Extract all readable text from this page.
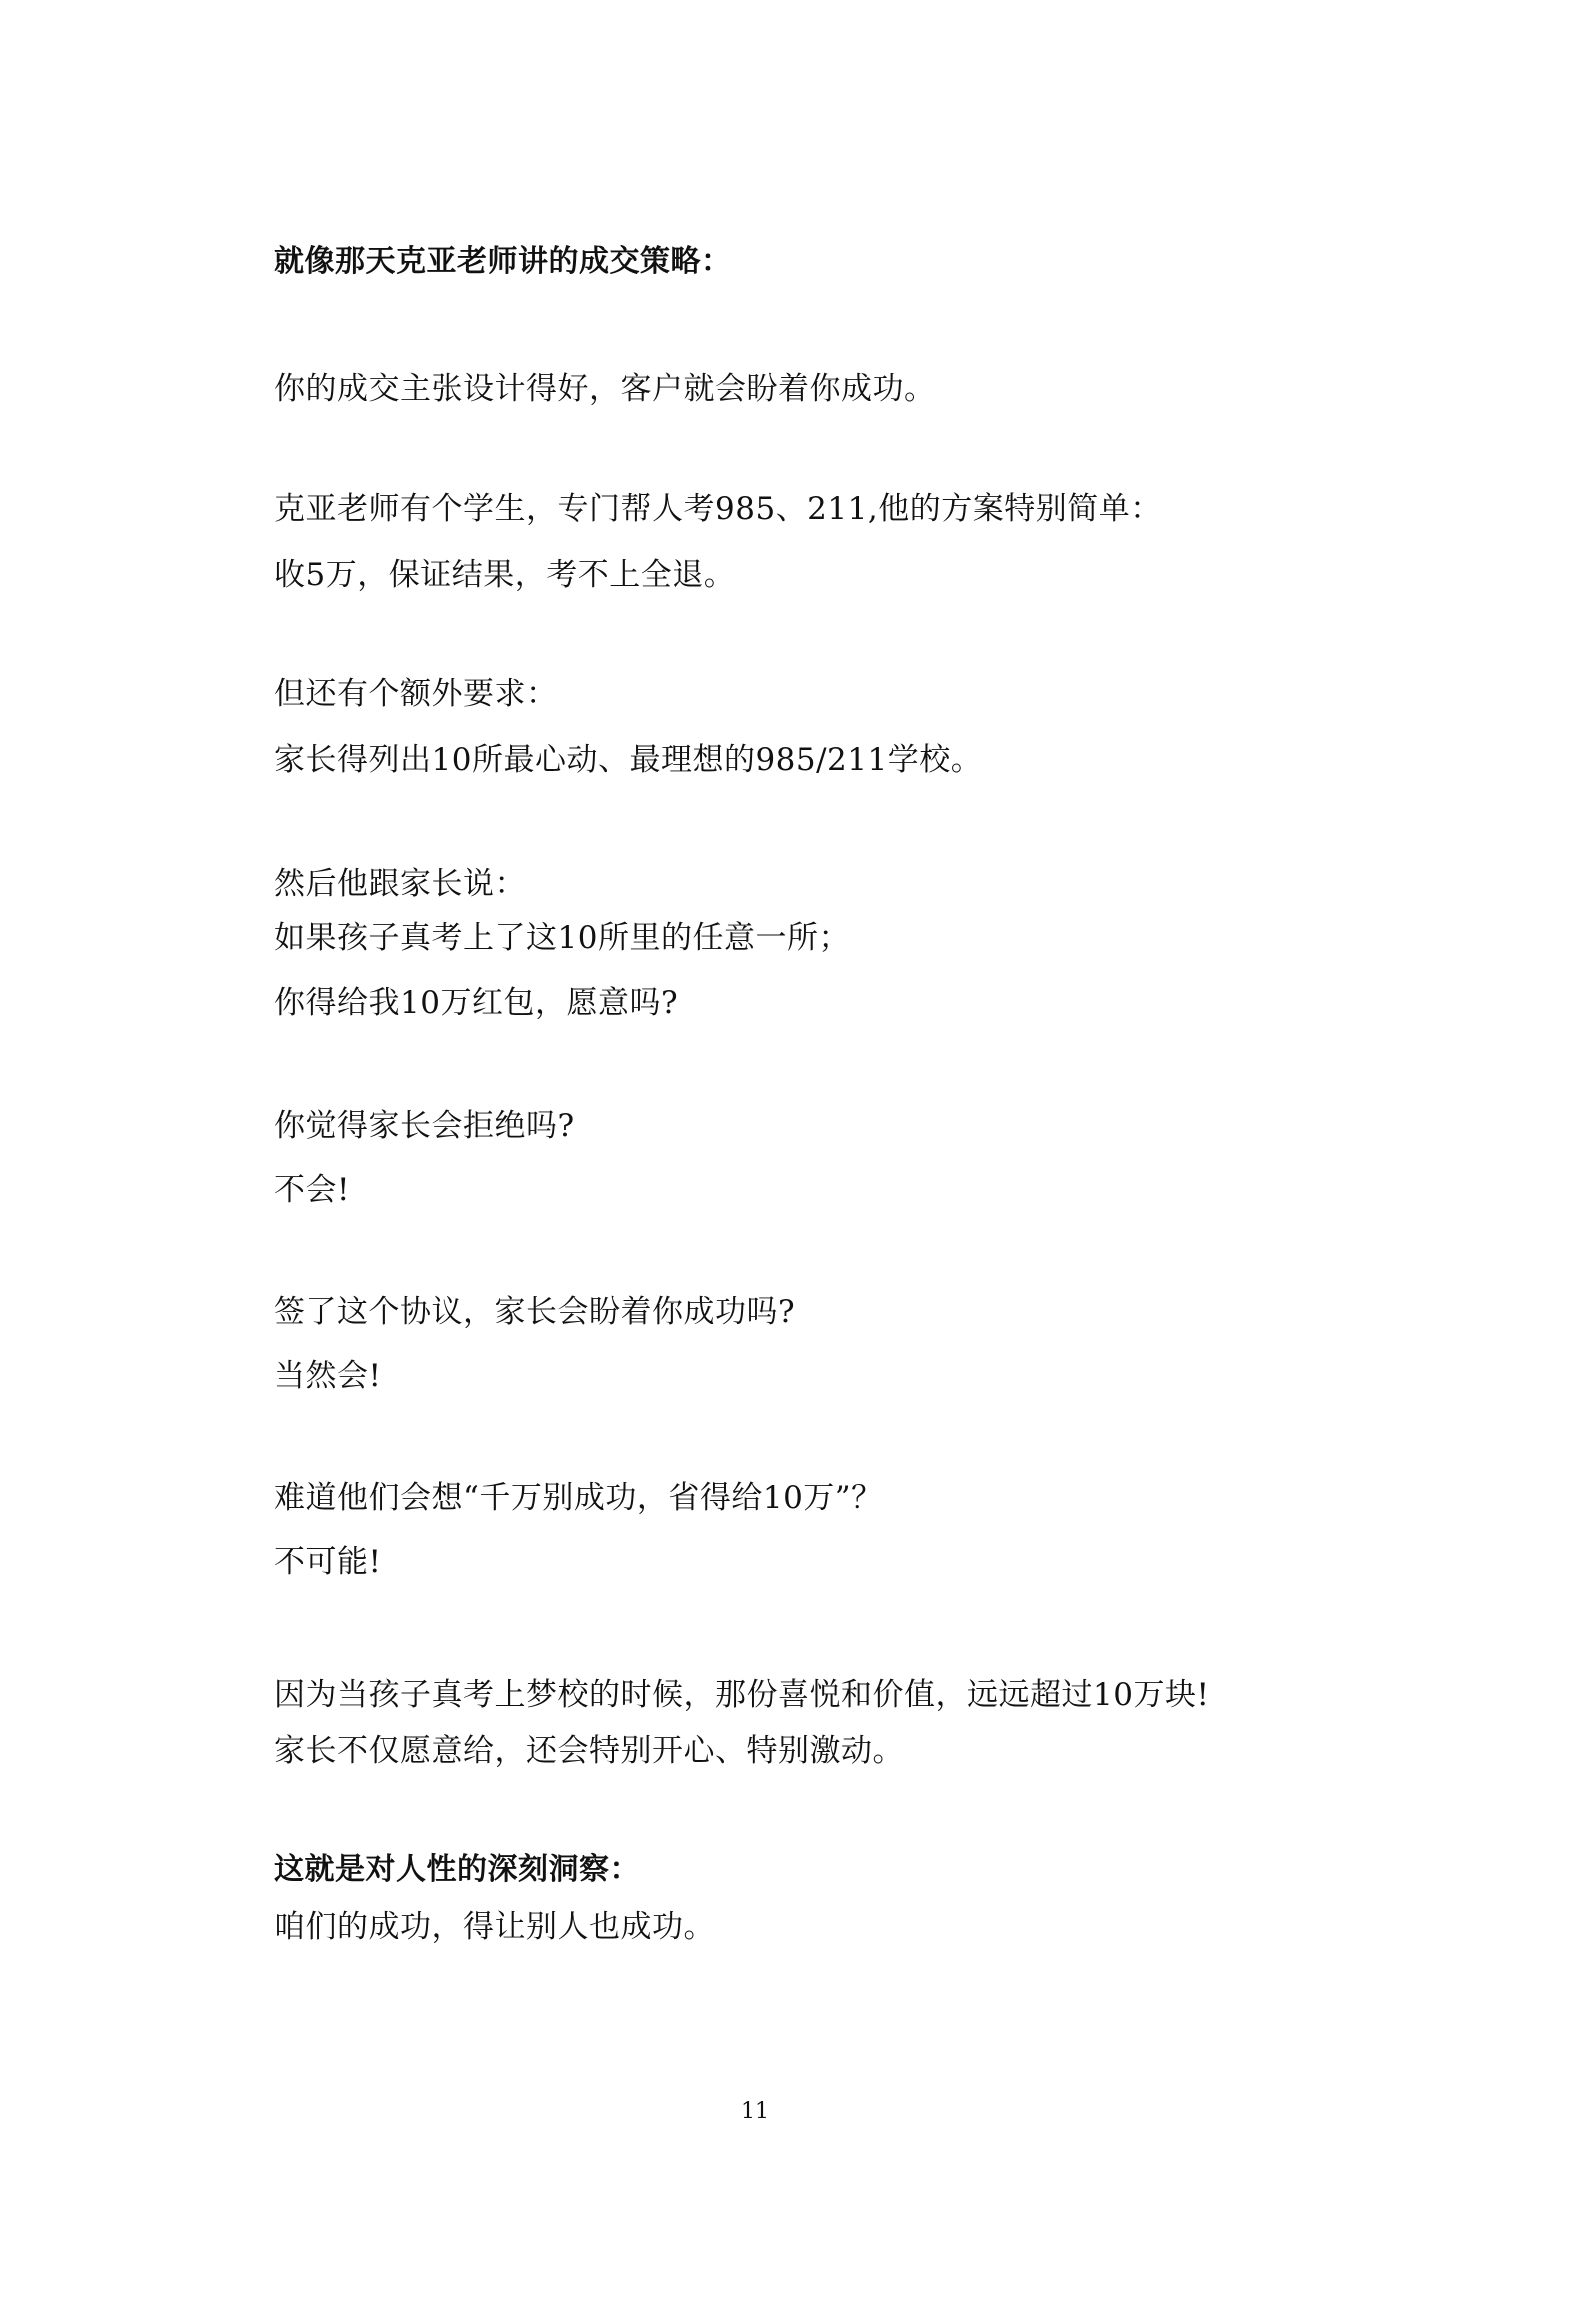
就像那天克亚老师讲的成交策略：
你的成交主张设计得好，客户就会盼着你成功。
克亚老师有个学生，专门帮人考985、211,他的方案特别简单：
收5万，保证结果，考不上全退。
但还有个额外要求：
家长得列出10所最心动、最理想的985/211学校。
然后他跟家长说：
如果孩子真考上了这10所里的任意一所；
你得给我10万红包，愿意吗?
你觉得家长会拒绝吗?
不会!
签了这个协议，家长会盼着你成功吗?
当然会!
难道他们会想“千万别成功，省得给10万”？
不可能!
因为当孩子真考上梦校的时候，那份喜悦和价值，远远超过10万块!
家长不仅愿意给，还会特别开心、特别激动。
这就是对人性的深刻洞察：
咱们的成功，得让别人也成功。
11
